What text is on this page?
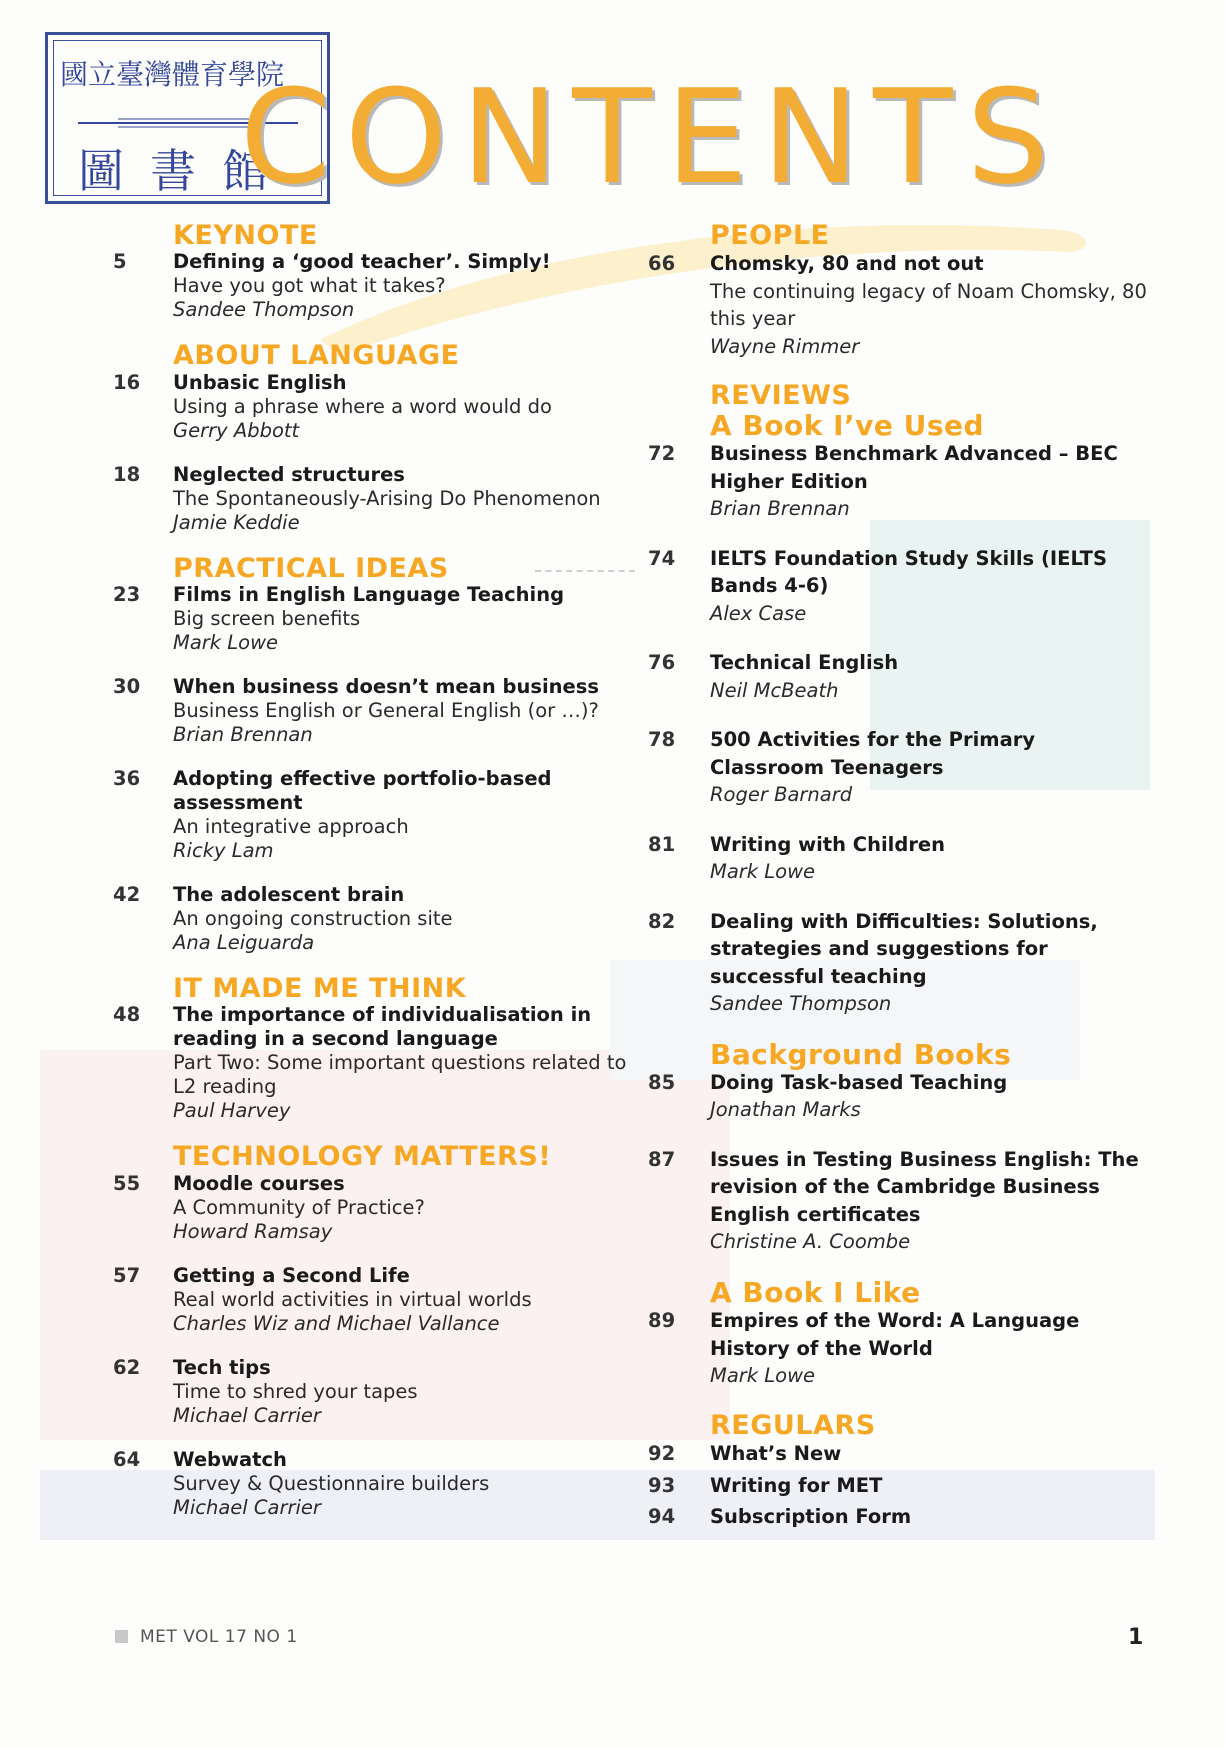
國立臺灣體育學院
圖書館
CONTENTS
KEYNOTE
5 Defining a ‘good teacher’. Simply!
Have you got what it takes?
Sandee Thompson
ABOUT LANGUAGE
16 Unbasic English
Using a phrase where a word would do
Gerry Abbott
18 Neglected structures
The Spontaneously-Arising Do Phenomenon
Jamie Keddie
PRACTICAL IDEAS
23 Films in English Language Teaching
Big screen benefits
Mark Lowe
30 When business doesn’t mean business
Business English or General English (or …)?
Brian Brennan
36 Adopting effective portfolio-based assessment
An integrative approach
Ricky Lam
42 The adolescent brain
An ongoing construction site
Ana Leiguarda
IT MADE ME THINK
48 The importance of individualisation in reading in a second language
Part Two: Some important questions related to L2 reading
Paul Harvey
TECHNOLOGY MATTERS!
55 Moodle courses
A Community of Practice?
Howard Ramsay
57 Getting a Second Life
Real world activities in virtual worlds
Charles Wiz and Michael Vallance
62 Tech tips
Time to shred your tapes
Michael Carrier
64 Webwatch
Survey & Questionnaire builders
Michael Carrier
PEOPLE
66 Chomsky, 80 and not out
The continuing legacy of Noam Chomsky, 80 this year
Wayne Rimmer
REVIEWS
A Book I’ve Used
72 Business Benchmark Advanced – BEC Higher Edition
Brian Brennan
74 IELTS Foundation Study Skills (IELTS Bands 4-6)
Alex Case
76 Technical English
Neil McBeath
78 500 Activities for the Primary Classroom Teenagers
Roger Barnard
81 Writing with Children
Mark Lowe
82 Dealing with Difficulties: Solutions, strategies and suggestions for successful teaching
Sandee Thompson
Background Books
85 Doing Task-based Teaching
Jonathan Marks
87 Issues in Testing Business English: The revision of the Cambridge Business English certificates
Christine A. Coombe
A Book I Like
89 Empires of the Word: A Language History of the World
Mark Lowe
REGULARS
92 What’s New
93 Writing for MET
94 Subscription Form
MET VOL 17 NO 1	1
